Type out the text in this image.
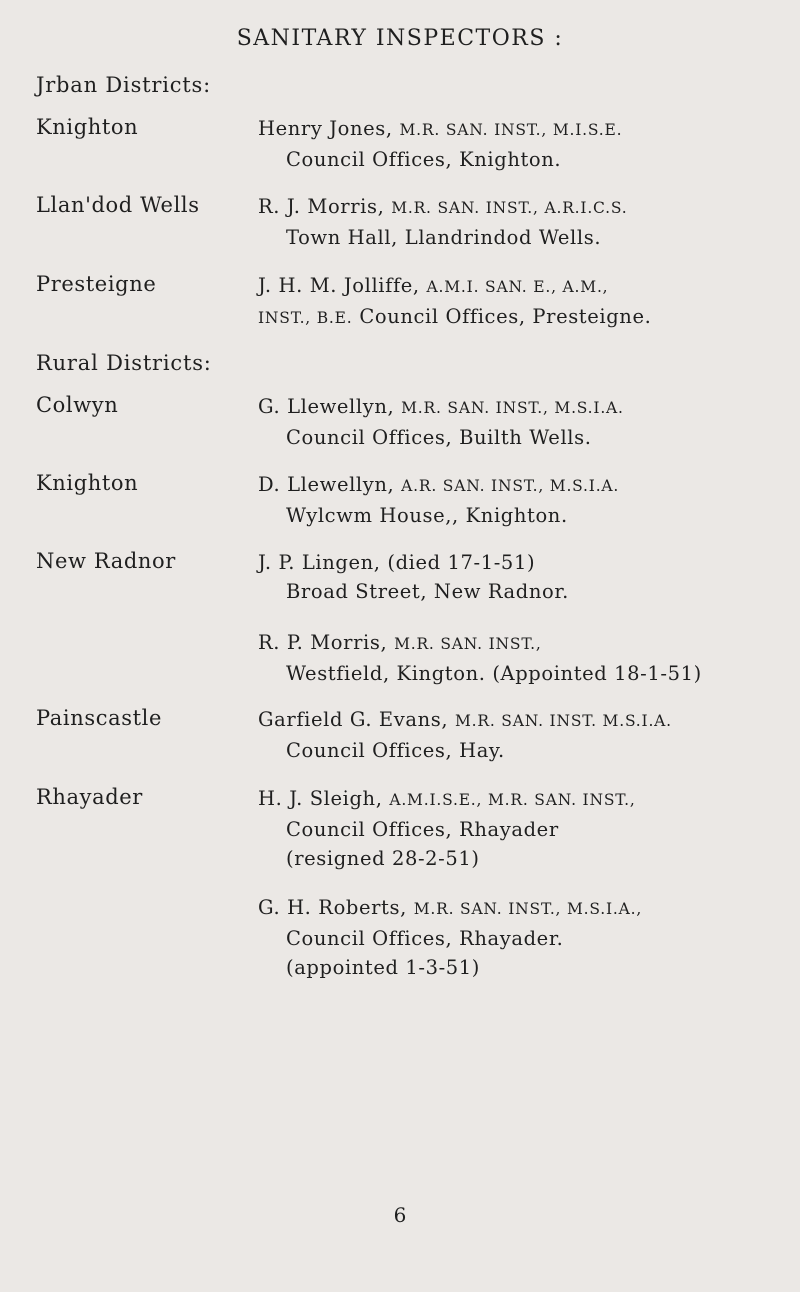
SANITARY INSPECTORS :
Jrban Districts:
Knighton	Henry Jones, M.R. SAN. INST., M.I.S.E.
Council Offices, Knighton.
Llan'dod Wells	R. J. Morris, M.R. SAN. INST., A.R.I.C.S.
Town Hall, Llandrindod Wells.
Presteigne	J. H. M. Jolliffe, A.M.I. SAN. E., A.M.,
INST., B.E. Council Offices, Presteigne.
Rural Districts:
Colwyn	G. Llewellyn, M.R. SAN. INST., M.S.I.A.
Council Offices, Builth Wells.
Knighton	D. Llewellyn, A.R. SAN. INST., M.S.I.A.
Wylcwm House,, Knighton.
New Radnor	J. P. Lingen, (died 17-1-51)
Broad Street, New Radnor.
R. P. Morris, M.R. SAN. INST.,
Westfield, Kington. (Appointed 18-1-51)
Painscastle	Garfield G. Evans, M.R. SAN. INST. M.S.I.A.
Council Offices, Hay.
Rhayader	H. J. Sleigh, A.M.I.S.E., M.R. SAN. INST.,
Council Offices, Rhayader
(resigned 28-2-51)
G. H. Roberts, M.R. SAN. INST., M.S.I.A.,
Council Offices, Rhayader.
(appointed 1-3-51)
6
